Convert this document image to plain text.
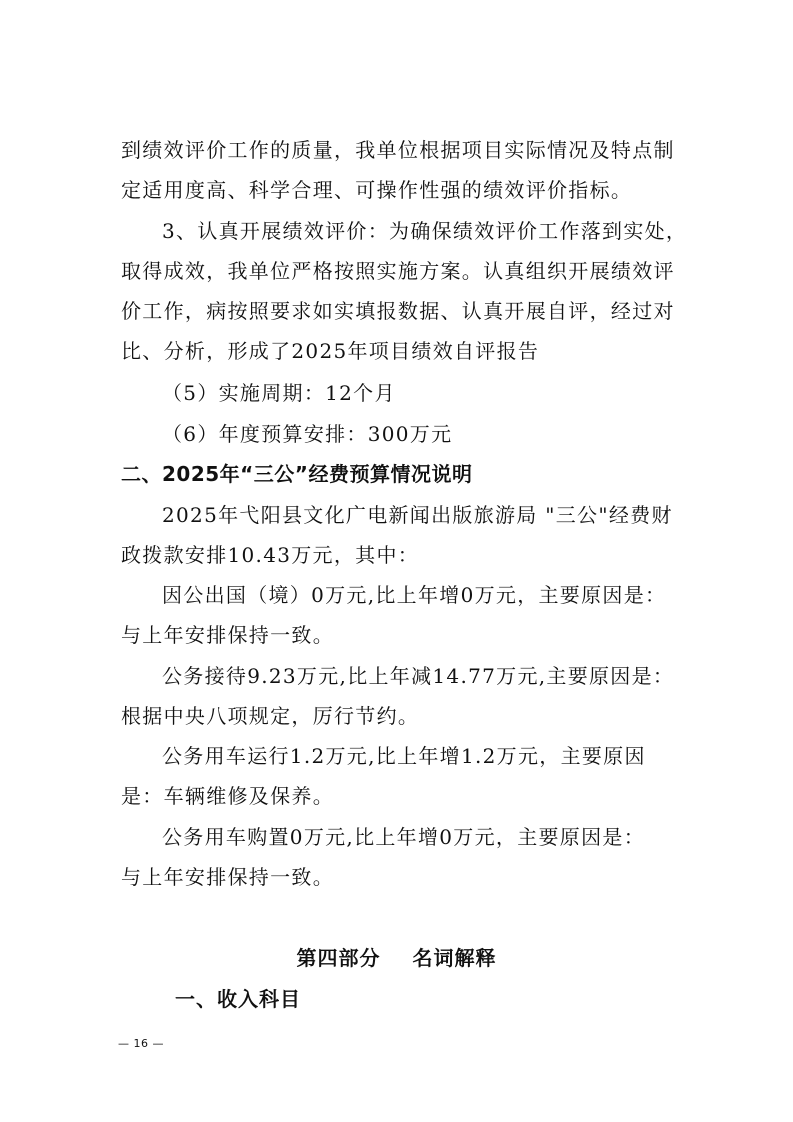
到绩效评价工作的质量，我单位根据项目实际情况及特点制
定适用度高、科学合理、可操作性强的绩效评价指标。
3、认真开展绩效评价：为确保绩效评价工作落到实处，
取得成效，我单位严格按照实施方案。认真组织开展绩效评
价工作，病按照要求如实填报数据、认真开展自评，经过对
比、分析，形成了2025年项目绩效自评报告
（5）实施周期：12个月
（6）年度预算安排：300万元
二、2025年“三公”经费预算情况说明
2025年弋阳县文化广电新闻出版旅游局 "三公"经费财
政拨款安排10.43万元，其中：
因公出国（境）0万元,比上年增0万元，主要原因是：
与上年安排保持一致。
公务接待9.23万元,比上年减14.77万元,主要原因是：
根据中央八项规定，厉行节约。
公务用车运行1.2万元,比上年增1.2万元，主要原因
是：车辆维修及保养。
公务用车购置0万元,比上年增0万元，主要原因是：
与上年安排保持一致。
第四部分 名词解释
一、收入科目
— 16 —
